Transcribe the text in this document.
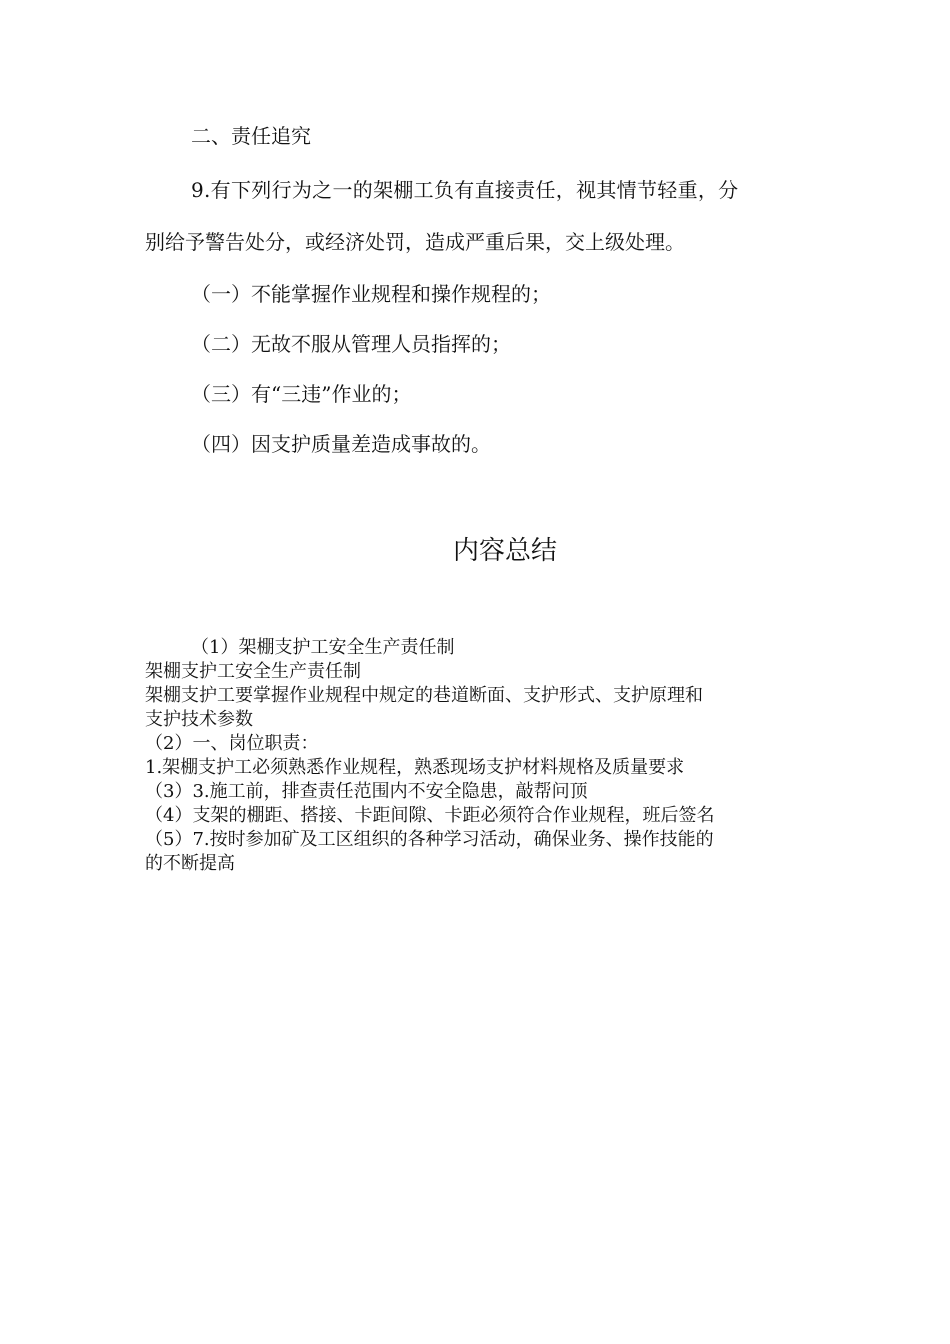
二、责任追究

9.有下列行为之一的架棚工负有直接责任，视其情节轻重，分

别给予警告处分，或经济处罚，造成严重后果，交上级处理。

（一）不能掌握作业规程和操作规程的；

（二）无故不服从管理人员指挥的；

（三）有“三违”作业的；

（四）因支护质量差造成事故的。

内容总结
（1）架棚支护工安全生产责任制
架棚支护工安全生产责任制
架棚支护工要掌握作业规程中规定的巷道断面、支护形式、支护原理和
支护技术参数
（2）一、岗位职责：
1.架棚支护工必须熟悉作业规程，熟悉现场支护材料规格及质量要求
（3）3.施工前，排查责任范围内不安全隐患，敲帮问顶
（4）支架的棚距、搭接、卡距间隙、卡距必须符合作业规程，班后签名
（5）7.按时参加矿及工区组织的各种学习活动，确保业务、操作技能的
的不断提高
